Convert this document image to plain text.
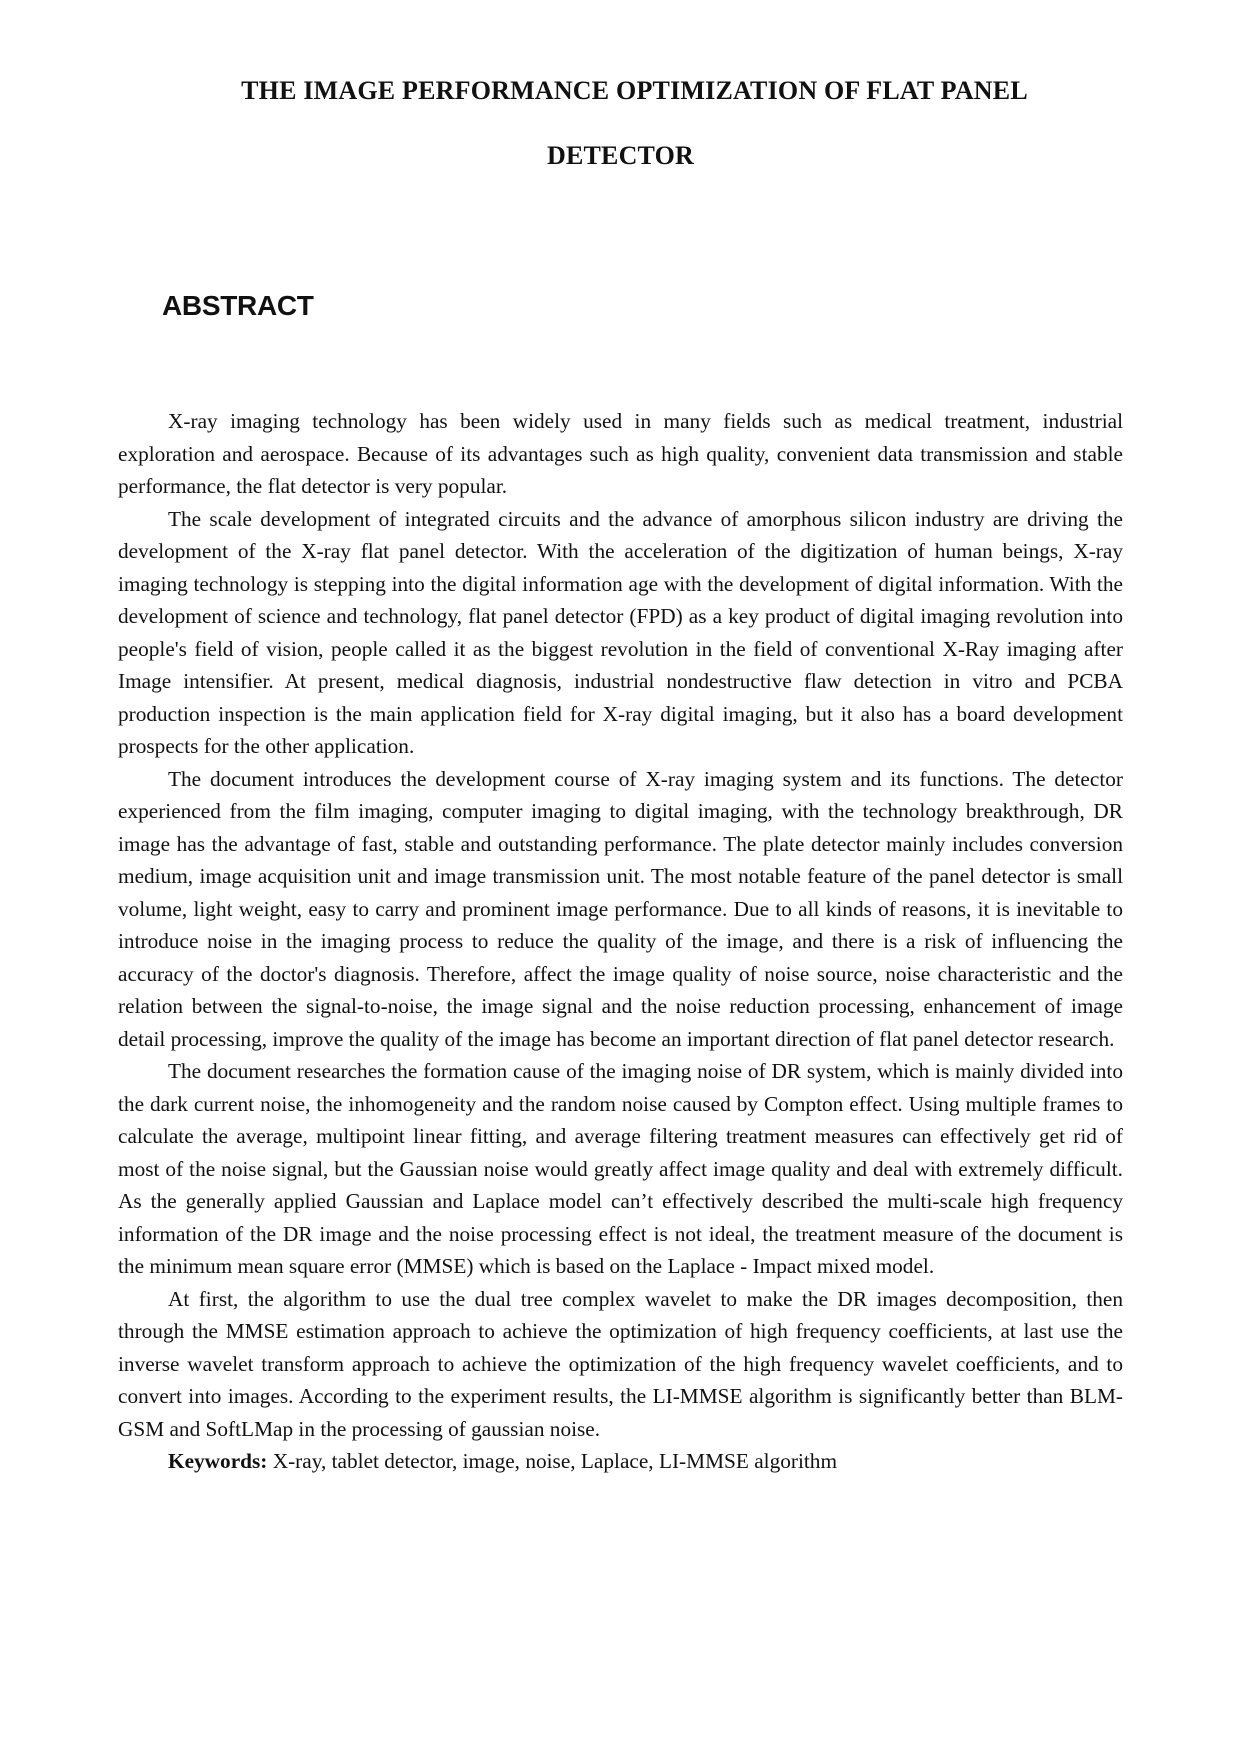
THE IMAGE PERFORMANCE OPTIMIZATION OF FLAT PANEL
DETECTOR
ABSTRACT

X-ray imaging technology has been widely used in many fields such as medical treatment, industrial exploration and aerospace. Because of its advantages such as high quality, convenient data transmission and stable performance, the flat detector is very popular.

The scale development of integrated circuits and the advance of amorphous silicon industry are driving the development of the X-ray flat panel detector. With the acceleration of the digitization of human beings, X-ray imaging technology is stepping into the digital information age with the development of digital information. With the development of science and technology, flat panel detector (FPD) as a key product of digital imaging revolution into people's field of vision, people called it as the biggest revolution in the field of conventional X-Ray imaging after Image intensifier. At present, medical diagnosis, industrial nondestructive flaw detection in vitro and PCBA production inspection is the main application field for X-ray digital imaging, but it also has a board development prospects for the other application.

The document introduces the development course of X-ray imaging system and its functions. The detector experienced from the film imaging, computer imaging to digital imaging, with the technology breakthrough, DR image has the advantage of fast, stable and outstanding performance. The plate detector mainly includes conversion medium, image acquisition unit and image transmission unit. The most notable feature of the panel detector is small volume, light weight, easy to carry and prominent image performance. Due to all kinds of reasons, it is inevitable to introduce noise in the imaging process to reduce the quality of the image, and there is a risk of influencing the accuracy of the doctor's diagnosis. Therefore, affect the image quality of noise source, noise characteristic and the relation between the signal-to-noise, the image signal and the noise reduction processing, enhancement of image detail processing, improve the quality of the image has become an important direction of flat panel detector research.

The document researches the formation cause of the imaging noise of DR system, which is mainly divided into the dark current noise, the inhomogeneity and the random noise caused by Compton effect. Using multiple frames to calculate the average, multipoint linear fitting, and average filtering treatment measures can effectively get rid of most of the noise signal, but the Gaussian noise would greatly affect image quality and deal with extremely difficult. As the generally applied Gaussian and Laplace model can’t effectively described the multi-scale high frequency information of the DR image and the noise processing effect is not ideal, the treatment measure of the document is the minimum mean square error (MMSE) which is based on the Laplace - Impact mixed model.

At first, the algorithm to use the dual tree complex wavelet to make the DR images decomposition, then through the MMSE estimation approach to achieve the optimization of high frequency coefficients, at last use the inverse wavelet transform approach to achieve the optimization of the high frequency wavelet coefficients, and to convert into images. According to the experiment results, the LI-MMSE algorithm is significantly better than BLM-GSM and SoftLMap in the processing of gaussian noise.

Keywords: X-ray, tablet detector, image, noise, Laplace, LI-MMSE algorithm
